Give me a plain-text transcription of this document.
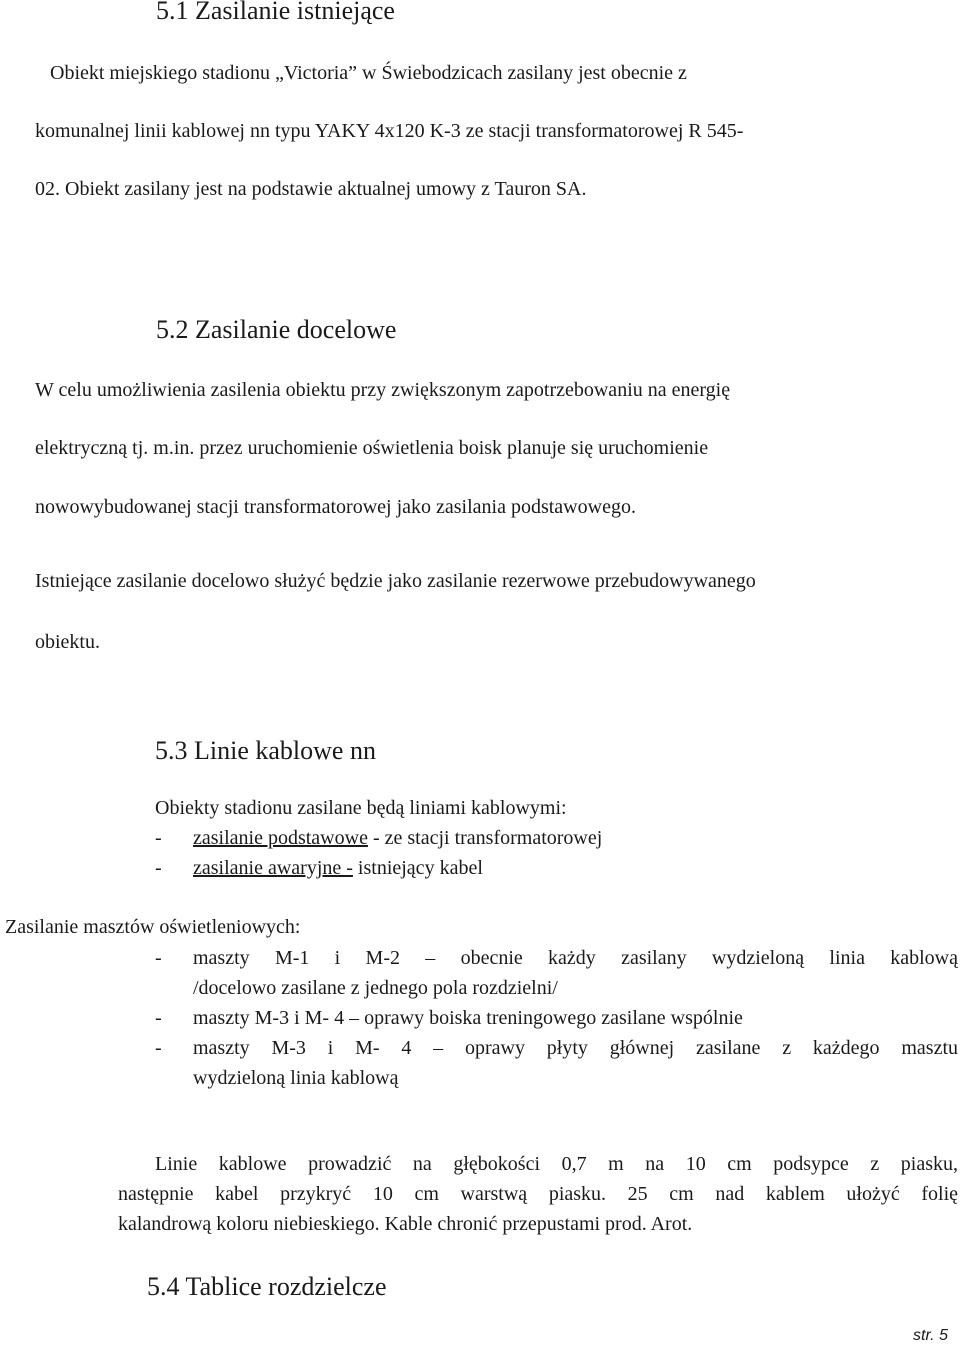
5.1 Zasilanie istniejące
Obiekt miejskiego stadionu „Victoria” w Świebodzicach zasilany jest obecnie z
komunalnej linii kablowej nn typu YAKY 4x120 K-3 ze stacji transformatorowej R 545-
02. Obiekt zasilany jest na podstawie aktualnej umowy z Tauron SA.
5.2 Zasilanie docelowe
W celu umożliwienia zasilenia obiektu przy zwiększonym zapotrzebowaniu na energię
elektryczną tj. m.in. przez uruchomienie oświetlenia boisk planuje się uruchomienie
nowowybudowanej stacji transformatorowej jako zasilania podstawowego.
Istniejące zasilanie docelowo służyć będzie jako zasilanie rezerwowe przebudowywanego
obiektu.
5.3 Linie kablowe nn
Obiekty stadionu zasilane będą liniami kablowymi:
- zasilanie podstawowe - ze stacji transformatorowej
- zasilanie awaryjne - istniejący kabel
Zasilanie masztów oświetleniowych:
- maszty M-1 i M-2 – obecnie każdy zasilany wydzieloną linia kablową
/docelowo zasilane z jednego pola rozdzielni/
- maszty M-3 i M- 4 – oprawy boiska treningowego zasilane wspólnie
- maszty M-3 i M- 4 – oprawy płyty głównej zasilane z każdego masztu
wydzieloną linia kablową
Linie kablowe prowadzić na głębokości 0,7 m na 10 cm podsypce z piasku,
następnie kabel przykryć 10 cm warstwą piasku. 25 cm nad kablem ułożyć folię
kalandrową koloru niebieskiego. Kable chronić przepustami prod. Arot.
5.4 Tablice rozdzielcze
str. 5
